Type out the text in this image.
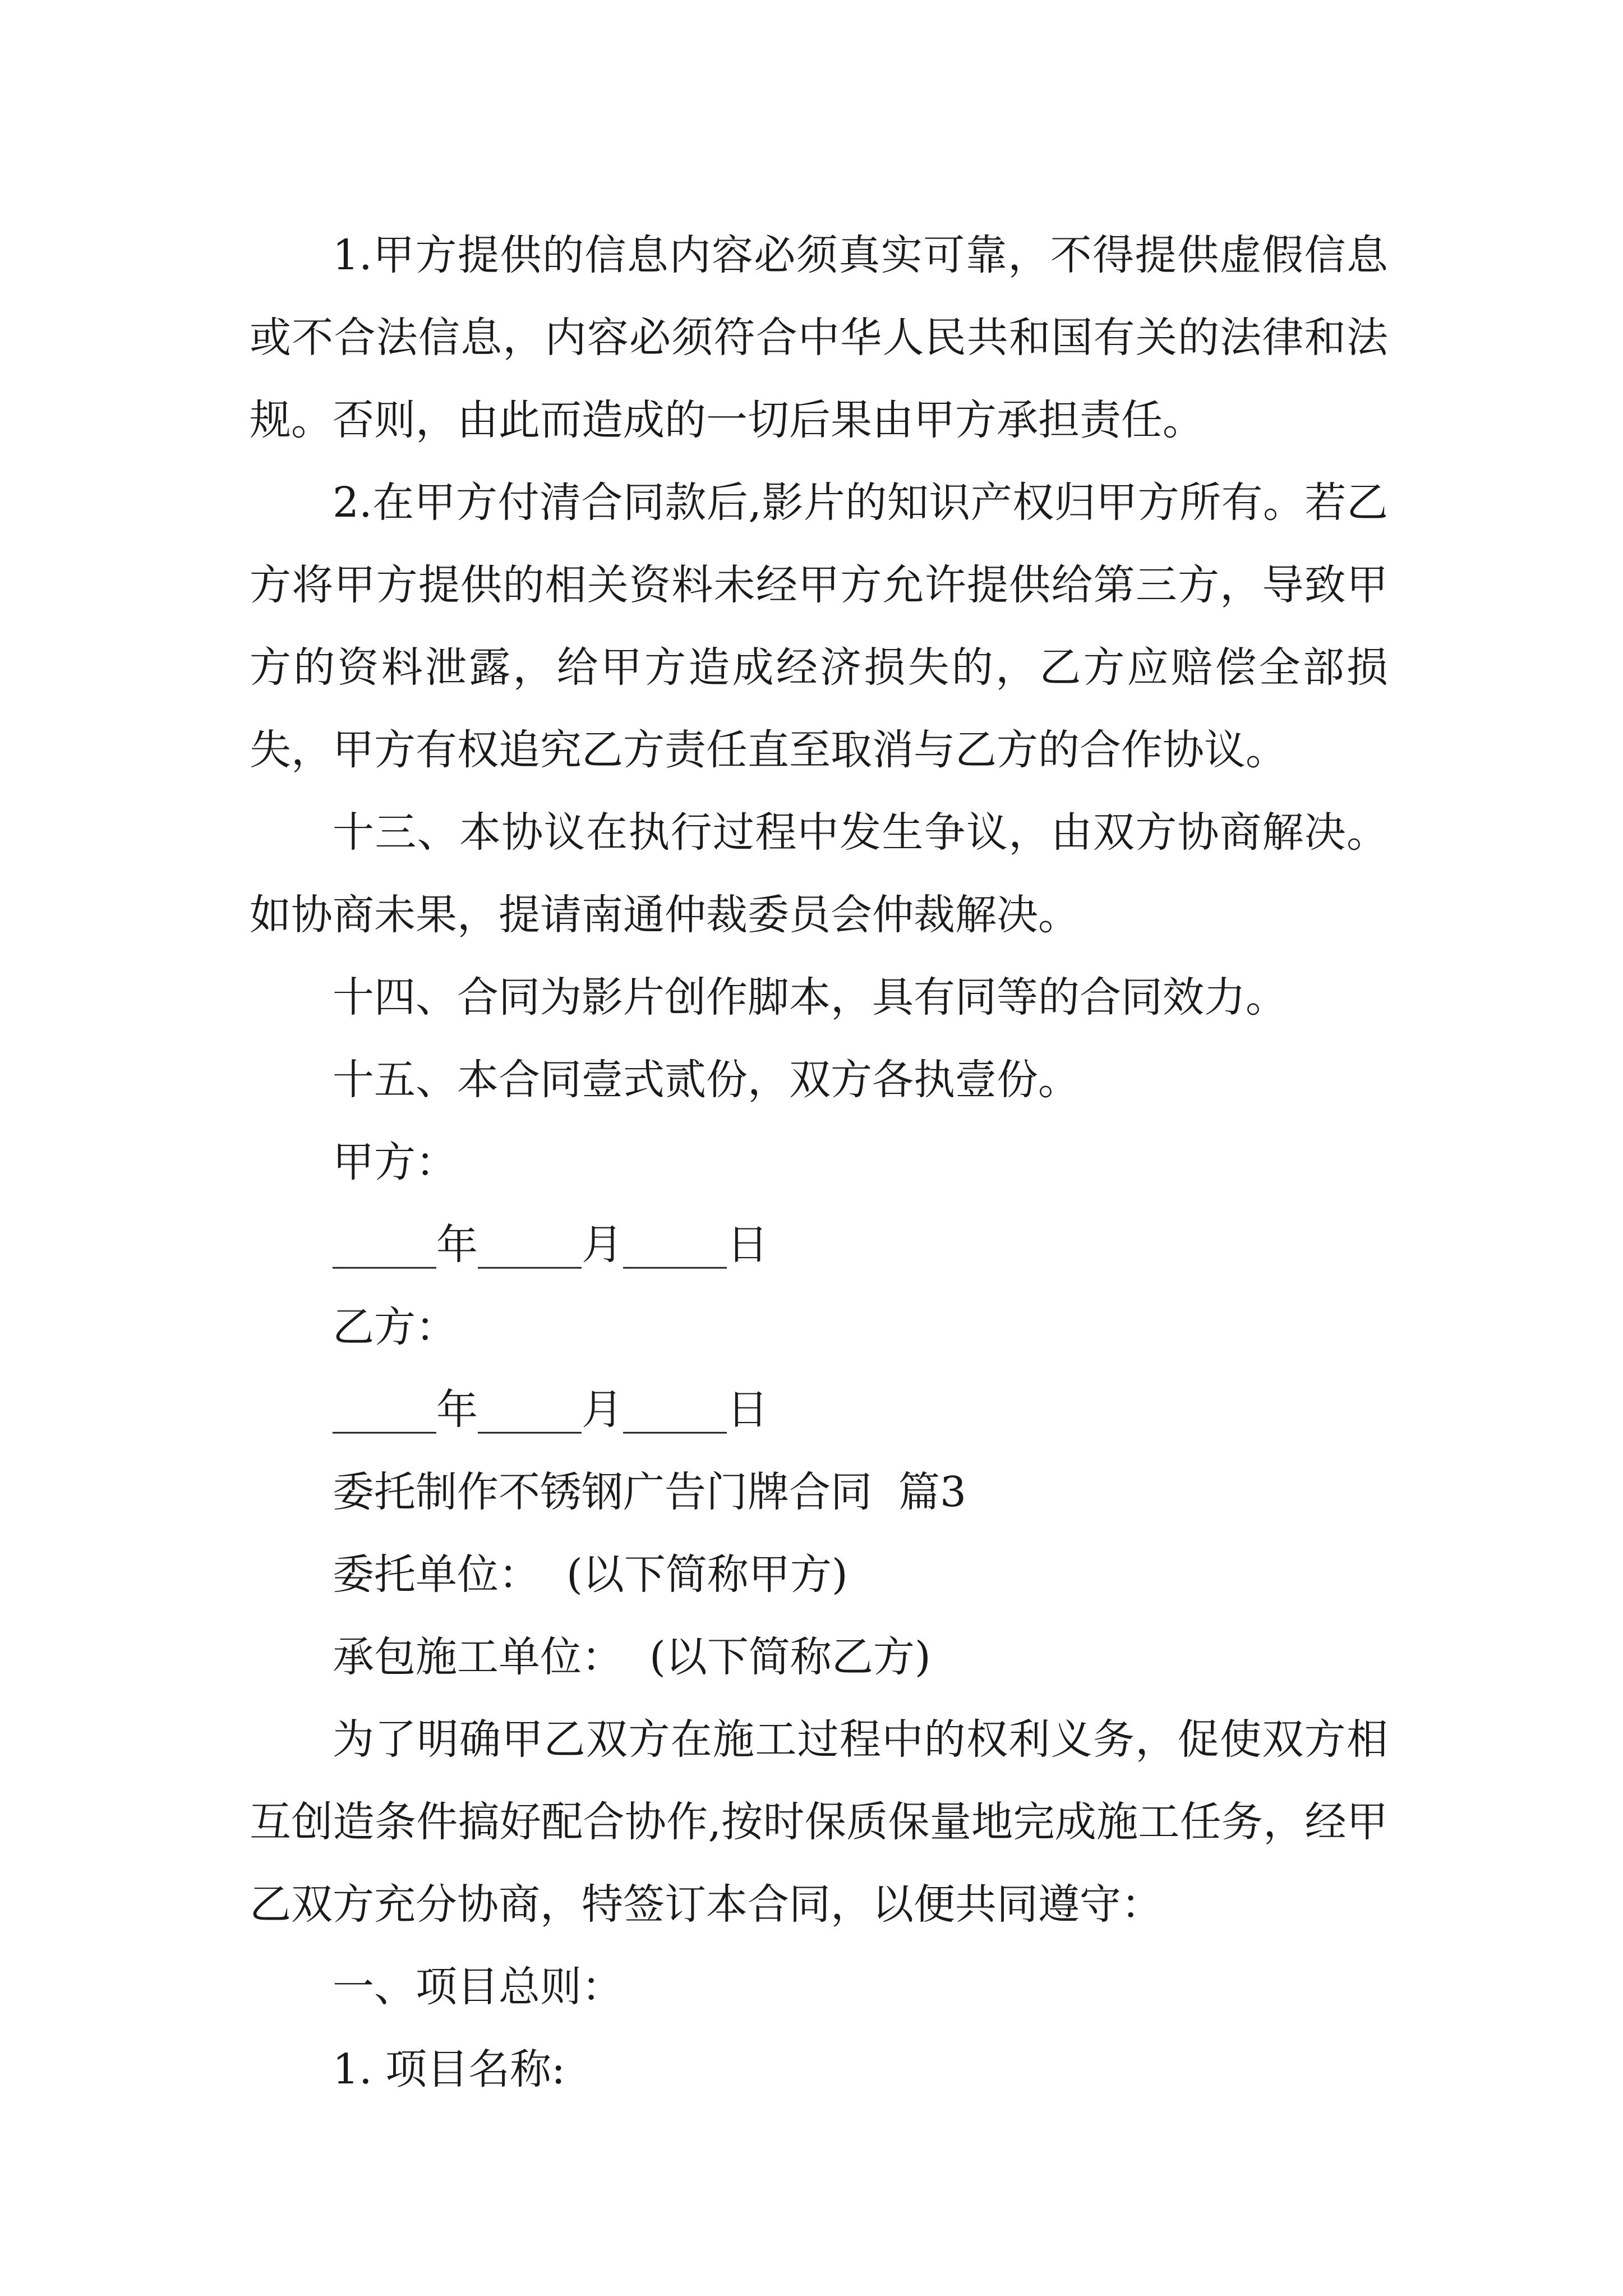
1.甲方提供的信息内容必须真实可靠，不得提供虚假信息或不合法信息，内容必须符合中华人民共和国有关的法律和法规。否则，由此而造成的一切后果由甲方承担责任。

2.在甲方付清合同款后,影片的知识产权归甲方所有。若乙方将甲方提供的相关资料未经甲方允许提供给第三方，导致甲方的资料泄露，给甲方造成经济损失的，乙方应赔偿全部损失，甲方有权追究乙方责任直至取消与乙方的合作协议。

十三、本协议在执行过程中发生争议，由双方协商解决。如协商未果，提请南通仲裁委员会仲裁解决。

十四、合同为影片创作脚本，具有同等的合同效力。

十五、本合同壹式贰份，双方各执壹份。

甲方：

_____年_____月_____日

乙方：

_____年_____月_____日

委托制作不锈钢广告门牌合同  篇3

委托单位：  (以下简称甲方)

承包施工单位：  (以下简称乙方)

为了明确甲乙双方在施工过程中的权利义务，促使双方相互创造条件搞好配合协作,按时保质保量地完成施工任务，经甲乙双方充分协商，特签订本合同，以便共同遵守：

一、项目总则：

1. 项目名称:
